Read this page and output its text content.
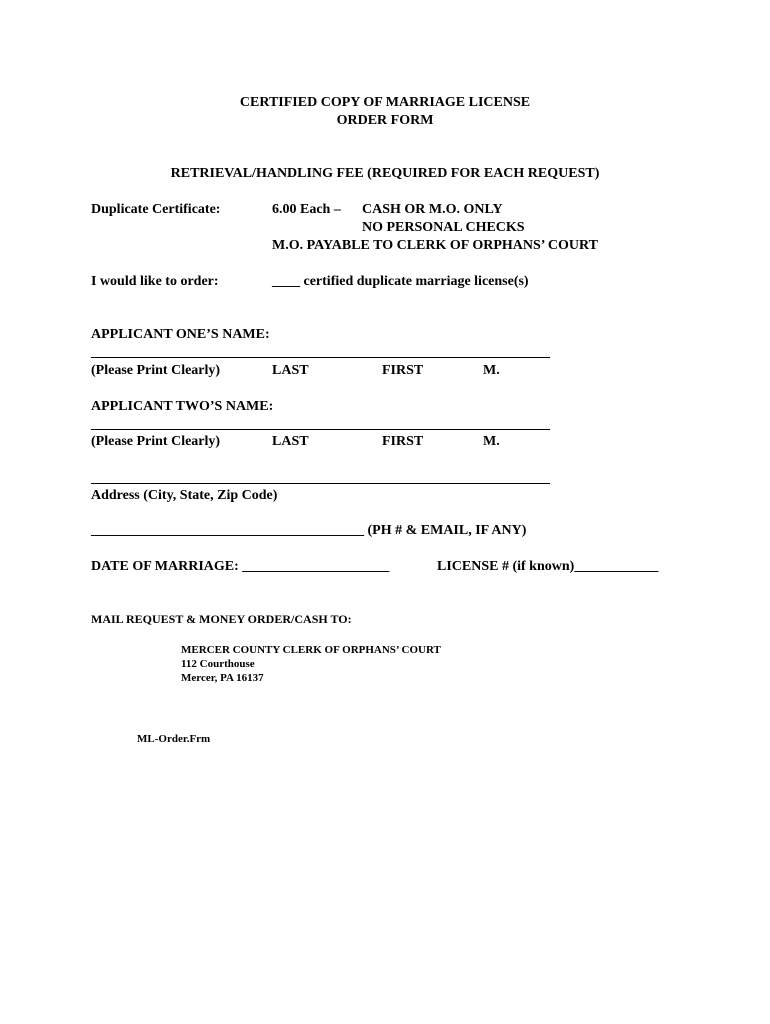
CERTIFIED COPY OF MARRIAGE LICENSE
ORDER FORM
RETRIEVAL/HANDLING FEE (REQUIRED FOR EACH REQUEST)
Duplicate Certificate:	6.00 Each – CASH OR M.O. ONLY
NO PERSONAL CHECKS
M.O. PAYABLE TO CLERK OF ORPHANS’ COURT
I would like to order:	____ certified duplicate marriage license(s)
APPLICANT ONE’S NAME:
(Please Print Clearly)	LAST	FIRST	M.
APPLICANT TWO’S NAME:
(Please Print Clearly)	LAST	FIRST	M.
Address (City, State, Zip Code)
_______________________________________ (PH # & EMAIL, IF ANY)
DATE OF MARRIAGE: _____________________	LICENSE # (if known)____________
MAIL REQUEST & MONEY ORDER/CASH TO:
MERCER COUNTY CLERK OF ORPHANS’ COURT
112 Courthouse
Mercer, PA 16137
ML-Order.Frm
